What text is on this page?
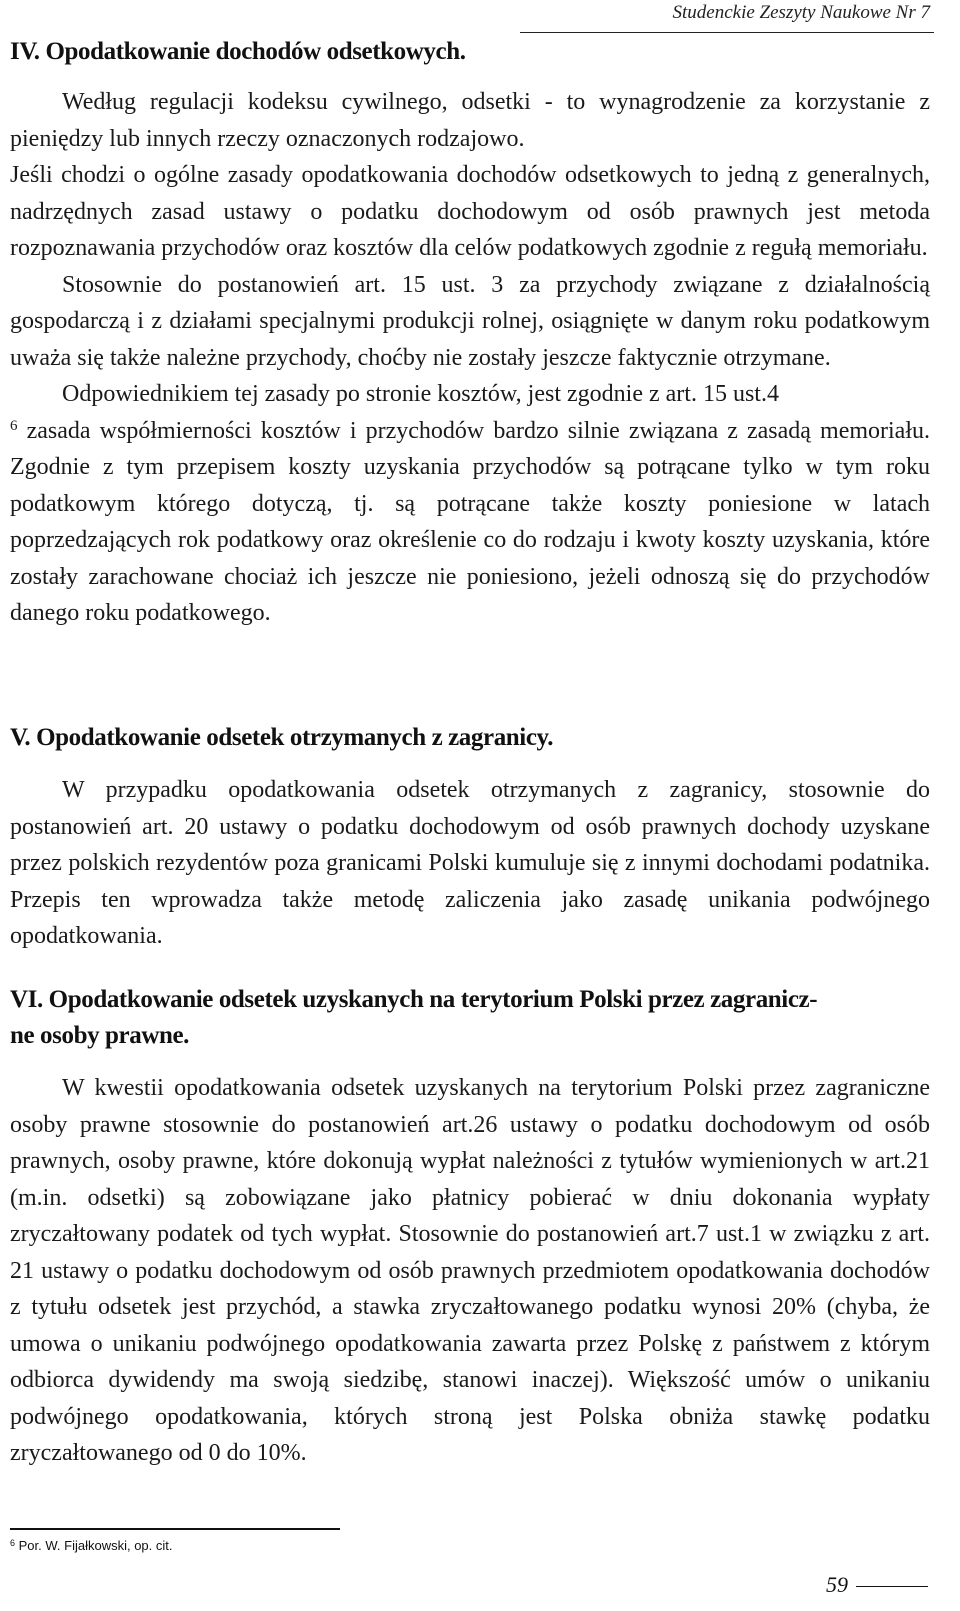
Studenckie Zeszyty Naukowe Nr 7
IV. Opodatkowanie dochodów odsetkowych.

Według regulacji kodeksu cywilnego, odsetki - to wynagrodzenie za korzystanie z pieniędzy lub innych rzeczy oznaczonych rodzajowo.

Jeśli chodzi o ogólne zasady opodatkowania dochodów odsetkowych to jedną z generalnych, nadrzędnych zasad ustawy o podatku dochodowym od osób prawnych jest metoda rozpoznawania przychodów oraz kosztów dla celów podatkowych zgodnie z regułą memoriału.

Stosownie do postanowień art. 15 ust. 3 za przychody związane z działalnością gospodarczą i z działami specjalnymi produkcji rolnej, osiągnięte w danym roku podatkowym uważa się także należne przychody, choćby nie zostały jeszcze faktycznie otrzymane.

Odpowiednikiem tej zasady po stronie kosztów, jest zgodnie z art. 15 ust.4

$^6$ zasada współmierności kosztów i przychodów bardzo silnie związana z zasadą memoriału. Zgodnie z tym przepisem koszty uzyskania przychodów są potrącane tylko w tym roku podatkowym którego dotyczą, tj. są potrącane także koszty poniesione w latach poprzedzających rok podatkowy oraz określenie co do rodzaju i kwoty koszty uzyskania, które zostały zarachowane chociaż ich jeszcze nie poniesiono, jeżeli odnoszą się do przychodów danego roku podatkowego.

V. Opodatkowanie odsetek otrzymanych z zagranicy.

W przypadku opodatkowania odsetek otrzymanych z zagranicy, stosownie do postanowień art. 20 ustawy o podatku dochodowym od osób prawnych dochody uzyskane przez polskich rezydentów poza granicami Polski kumuluje się z innymi dochodami podatnika. Przepis ten wprowadza także metodę zaliczenia jako zasadę unikania podwójnego opodatkowania.

VI. Opodatkowanie odsetek uzyskanych na terytorium Polski przez zagranicz-
ne osoby prawne.

W kwestii opodatkowania odsetek uzyskanych na terytorium Polski przez zagraniczne osoby prawne stosownie do postanowień art.26 ustawy o podatku dochodowym od osób prawnych, osoby prawne, które dokonują wypłat należności z tytułów wymienionych w art.21 (m.in. odsetki) są zobowiązane jako płatnicy pobierać w dniu dokonania wypłaty zryczałtowany podatek od tych wypłat. Stosownie do postanowień art.7 ust.1 w związku z art. 21 ustawy o podatku dochodowym od osób prawnych przedmiotem opodatkowania dochodów z tytułu odsetek jest przychód, a stawka zryczałtowanego podatku wynosi 20% (chyba, że umowa o unikaniu podwójnego opodatkowania zawarta przez Polskę z państwem z którym odbiorca dywidendy ma swoją siedzibę, stanowi inaczej). Większość umów o unikaniu podwójnego opodatkowania, których stroną jest Polska obniża stawkę podatku zryczałtowanego od 0 do 10%.

$^6$ Por. W. Fijałkowski, op. cit.
59
